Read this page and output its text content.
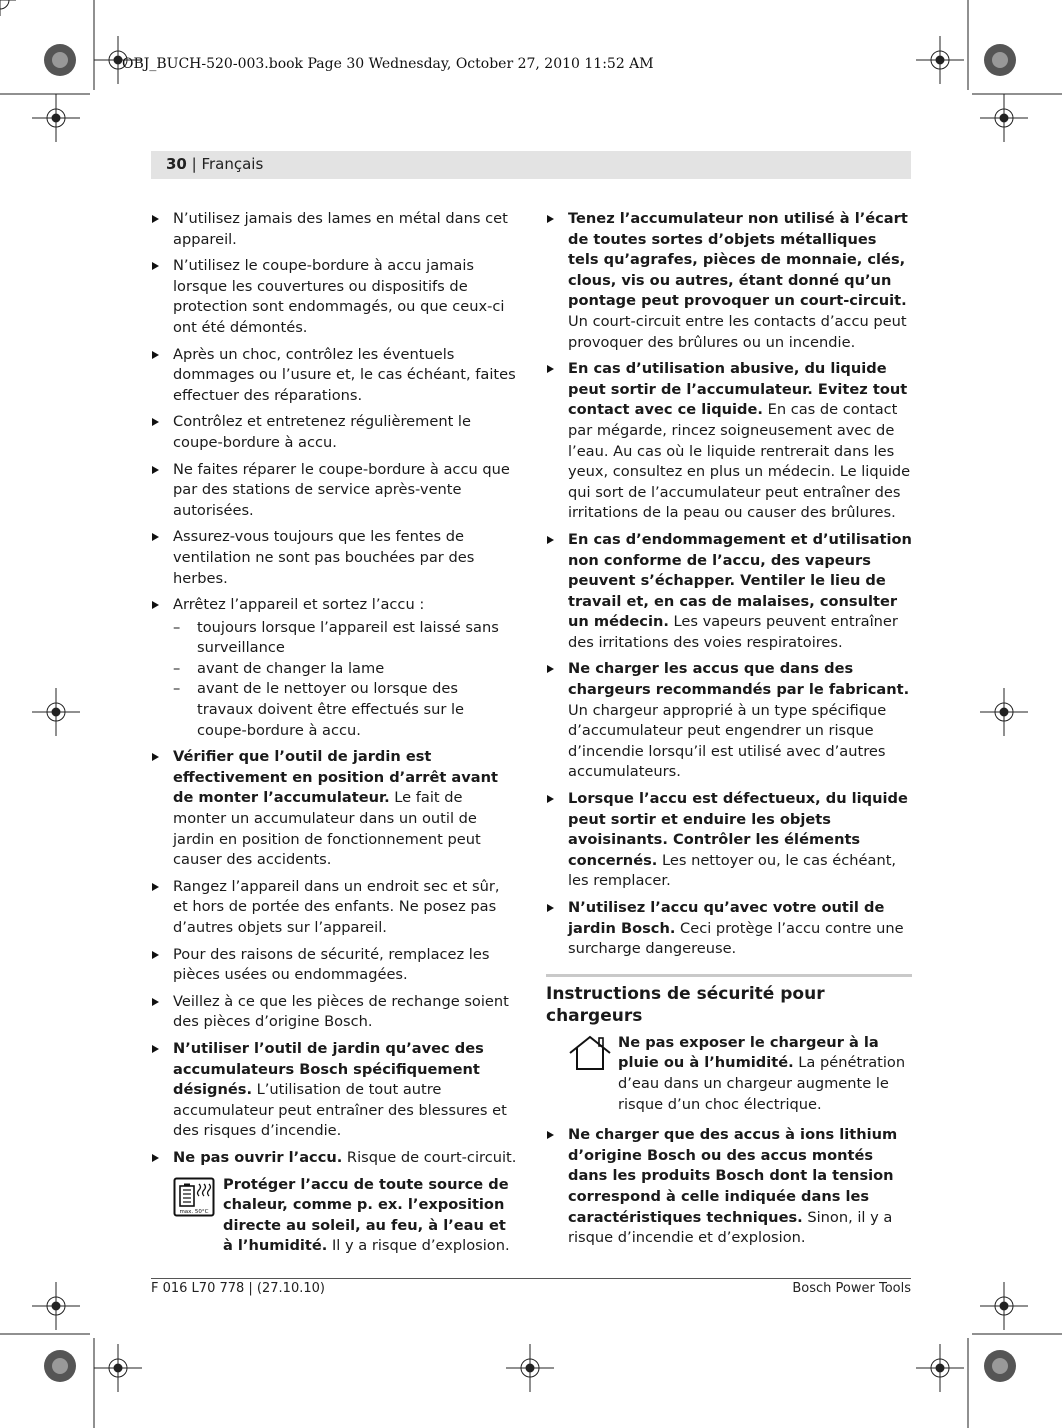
OBJ_BUCH-520-003.book Page 30 Wednesday, October 27, 2010 11:52 AM
30 | Français
N’utilisez jamais des lames en métal dans cet appareil.
N’utilisez le coupe-bordure à accu jamais lorsque les couvertures ou dispositifs de protection sont endommagés, ou que ceux-ci ont été démontés.
Après un choc, contrôlez les éventuels dommages ou l’usure et, le cas échéant, faites effectuer des réparations.
Contrôlez et entretenez régulièrement le coupe-bordure à accu.
Ne faites réparer le coupe-bordure à accu que par des stations de service après-vente autorisées.
Assurez-vous toujours que les fentes de ventilation ne sont pas bouchées par des herbes.
Arrêtez l’appareil et sortez l’accu :
– toujours lorsque l’appareil est laissé sans surveillance
– avant de changer la lame
– avant de le nettoyer ou lorsque des travaux doivent être effectués sur le coupe-bordure à accu.
Vérifier que l’outil de jardin est effectivement en position d’arrêt avant de monter l’accumulateur. Le fait de monter un accumulateur dans un outil de jardin en position de fonctionnement peut causer des accidents.
Rangez l’appareil dans un endroit sec et sûr, et hors de portée des enfants. Ne posez pas d’autres objets sur l’appareil.
Pour des raisons de sécurité, remplacez les pièces usées ou endommagées.
Veillez à ce que les pièces de rechange soient des pièces d’origine Bosch.
N’utiliser l’outil de jardin qu’avec des accumulateurs Bosch spécifiquement désignés. L’utilisation de tout autre accumulateur peut entraîner des blessures et des risques d’incendie.
Ne pas ouvrir l’accu. Risque de court-circuit.
max. 50°C
Protéger l’accu de toute source de chaleur, comme p. ex. l’exposition directe au soleil, au feu, à l’eau et à l’humidité. Il y a risque d’explosion.
Tenez l’accumulateur non utilisé à l’écart de toutes sortes d’objets métalliques tels qu’agrafes, pièces de monnaie, clés, clous, vis ou autres, étant donné qu’un pontage peut provoquer un court-circuit. Un court-circuit entre les contacts d’accu peut provoquer des brûlures ou un incendie.
En cas d’utilisation abusive, du liquide peut sortir de l’accumulateur. Evitez tout contact avec ce liquide. En cas de contact par mégarde, rincez soigneusement avec de l’eau. Au cas où le liquide rentrerait dans les yeux, consultez en plus un médecin. Le liquide qui sort de l’accumulateur peut entraîner des irritations de la peau ou causer des brûlures.
En cas d’endommagement et d’utilisation non conforme de l’accu, des vapeurs peuvent s’échapper. Ventiler le lieu de travail et, en cas de malaises, consulter un médecin. Les vapeurs peuvent entraîner des irritations des voies respiratoires.
Ne charger les accus que dans des chargeurs recommandés par le fabricant. Un chargeur approprié à un type spécifique d’accumulateur peut engendrer un risque d’incendie lorsqu’il est utilisé avec d’autres accumulateurs.
Lorsque l’accu est défectueux, du liquide peut sortir et enduire les objets avoisinants. Contrôler les éléments concernés. Les nettoyer ou, le cas échéant, les remplacer.
N’utilisez l’accu qu’avec votre outil de jardin Bosch. Ceci protège l’accu contre une surcharge dangereuse.
Instructions de sécurité pour chargeurs
Ne pas exposer le chargeur à la pluie ou à l’humidité. La pénétration d’eau dans un chargeur augmente le risque d’un choc électrique.
Ne charger que des accus à ions lithium d’origine Bosch ou des accus montés dans les produits Bosch dont la tension correspond à celle indiquée dans les caractéristiques techniques. Sinon, il y a risque d’incendie et d’explosion.
F 016 L70 778 | (27.10.10)	Bosch Power Tools
